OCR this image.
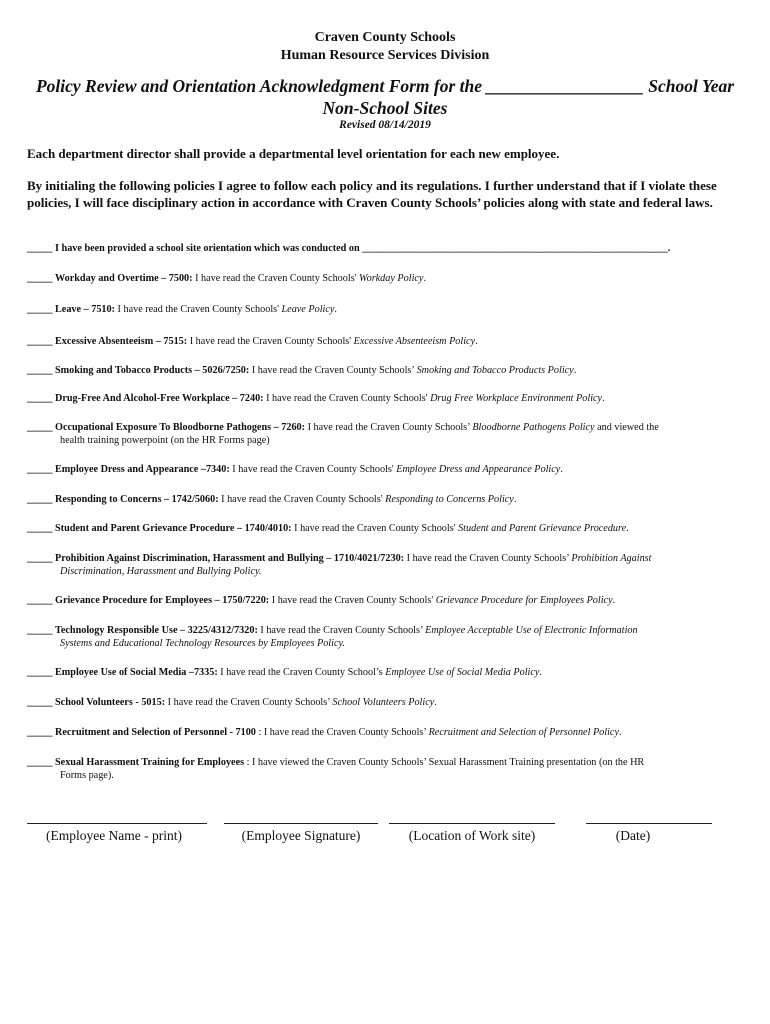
Craven County Schools
Human Resource Services Division
Policy Review and Orientation Acknowledgment Form for the __________________ School Year
Non-School Sites
Revised 08/14/2019
Each department director shall provide a departmental level orientation for each new employee.
By initialing the following policies I agree to follow each policy and its regulations. I further understand that if I violate these policies, I will face disciplinary action in accordance with Craven County Schools’ policies along with state and federal laws.
_____ I have been provided a school site orientation which was conducted on ____________________________________________________________.
_____ Workday and Overtime – 7500: I have read the Craven County Schools' Workday Policy.
_____ Leave – 7510: I have read the Craven County Schools' Leave Policy.
_____ Excessive Absenteeism – 7515: I have read the Craven County Schools' Excessive Absenteeism Policy.
_____ Smoking and Tobacco Products – 5026/7250: I have read the Craven County Schools’ Smoking and Tobacco Products Policy.
_____ Drug-Free And Alcohol-Free Workplace – 7240: I have read the Craven County Schools' Drug Free Workplace Environment Policy.
_____ Occupational Exposure To Bloodborne Pathogens – 7260: I have read the Craven County Schools’ Bloodborne Pathogens Policy and viewed the
health training powerpoint (on the HR Forms page)
_____ Employee Dress and Appearance –7340: I have read the Craven County Schools' Employee Dress and Appearance Policy.
_____ Responding to Concerns – 1742/5060: I have read the Craven County Schools' Responding to Concerns Policy.
_____ Student and Parent Grievance Procedure – 1740/4010: I have read the Craven County Schools' Student and Parent Grievance Procedure.
_____ Prohibition Against Discrimination, Harassment and Bullying – 1710/4021/7230: I have read the Craven County Schools’ Prohibition Against
Discrimination, Harassment and Bullying Policy.
_____ Grievance Procedure for Employees – 1750/7220: I have read the Craven County Schools' Grievance Procedure for Employees Policy.
_____ Technology Responsible Use – 3225/4312/7320: I have read the Craven County Schools’ Employee Acceptable Use of Electronic Information
Systems and Educational Technology Resources by Employees Policy.
_____ Employee Use of Social Media –7335: I have read the Craven County School’s Employee Use of Social Media Policy.
_____ School Volunteers - 5015: I have read the Craven County Schools’ School Volunteers Policy.
_____ Recruitment and Selection of Personnel - 7100 : I have read the Craven County Schools’ Recruitment and Selection of Personnel Policy.
_____ Sexual Harassment Training for Employees : I have viewed the Craven County Schools’ Sexual Harassment Training presentation (on the HR
Forms page).
(Employee Name - print)	(Employee Signature)	(Location of Work site)	(Date)
